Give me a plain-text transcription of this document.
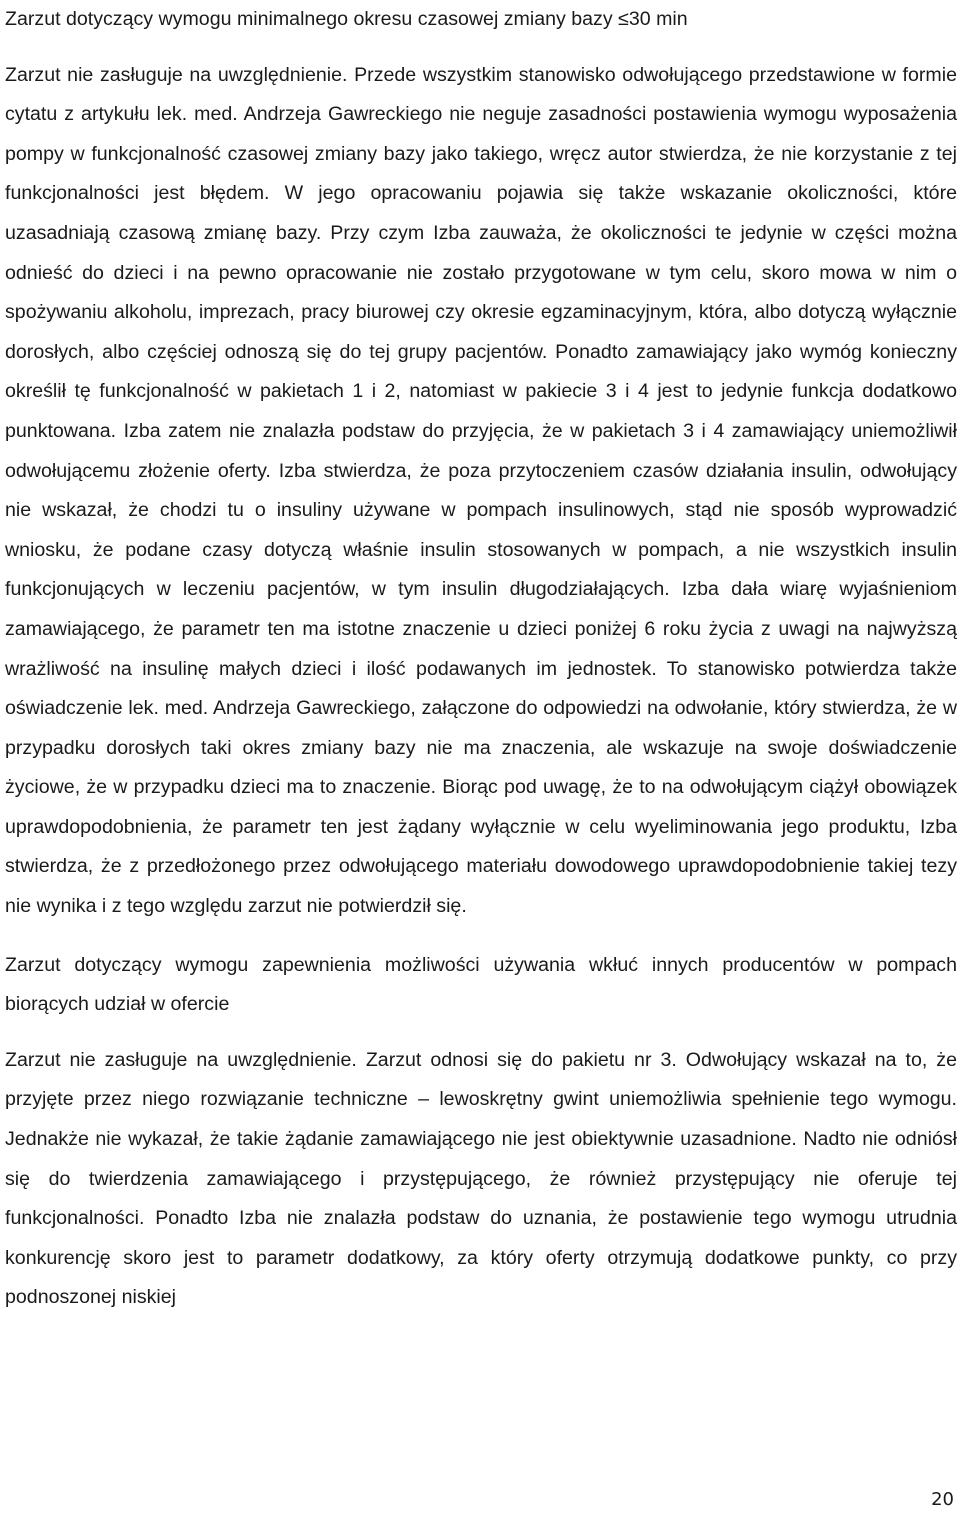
Zarzut dotyczący wymogu minimalnego okresu czasowej zmiany bazy ≤30 min

Zarzut nie zasługuje na uwzględnienie. Przede wszystkim stanowisko odwołującego przedstawione w formie cytatu z artykułu lek. med. Andrzeja Gawreckiego nie neguje zasadności postawienia wymogu wyposażenia pompy w funkcjonalność czasowej zmiany bazy jako takiego, wręcz autor stwierdza, że nie korzystanie z tej funkcjonalności jest błędem. W jego opracowaniu pojawia się także wskazanie okoliczności, które uzasadniają czasową zmianę bazy. Przy czym Izba zauważa, że okoliczności te jedynie w części można odnieść do dzieci i na pewno opracowanie nie zostało przygotowane w tym celu, skoro mowa w nim o spożywaniu alkoholu, imprezach, pracy biurowej czy okresie egzaminacyjnym, która, albo dotyczą wyłącznie dorosłych, albo częściej odnoszą się do tej grupy pacjentów. Ponadto zamawiający jako wymóg konieczny określił tę funkcjonalność w pakietach 1 i 2, natomiast w pakiecie 3 i 4 jest to jedynie funkcja dodatkowo punktowana. Izba zatem nie znalazła podstaw do przyjęcia, że w pakietach 3 i 4 zamawiający uniemożliwił odwołującemu złożenie oferty. Izba stwierdza, że poza przytoczeniem czasów działania insulin, odwołujący nie wskazał, że chodzi tu o insuliny używane w pompach insulinowych, stąd nie sposób wyprowadzić wniosku, że podane czasy dotyczą właśnie insulin stosowanych w pompach, a nie wszystkich insulin funkcjonujących w leczeniu pacjentów, w tym insulin długodziałających. Izba dała wiarę wyjaśnieniom zamawiającego, że parametr ten ma istotne znaczenie u dzieci poniżej 6 roku życia z uwagi na najwyższą wrażliwość na insulinę małych dzieci i ilość podawanych im jednostek. To stanowisko potwierdza także oświadczenie lek. med. Andrzeja Gawreckiego, załączone do odpowiedzi na odwołanie, który stwierdza, że w przypadku dorosłych taki okres zmiany bazy nie ma znaczenia, ale wskazuje na swoje doświadczenie życiowe, że w przypadku dzieci ma to znaczenie. Biorąc pod uwagę, że to na odwołującym ciążył obowiązek uprawdopodobnienia, że parametr ten jest żądany wyłącznie w celu wyeliminowania jego produktu, Izba stwierdza, że z przedłożonego przez odwołującego materiału dowodowego uprawdopodobnienie takiej tezy nie wynika i z tego względu zarzut nie potwierdził się.

Zarzut dotyczący wymogu zapewnienia możliwości używania wkłuć innych producentów w pompach biorących udział w ofercie

Zarzut nie zasługuje na uwzględnienie. Zarzut odnosi się do pakietu nr 3. Odwołujący wskazał na to, że przyjęte przez niego rozwiązanie techniczne – lewoskrętny gwint uniemożliwia spełnienie tego wymogu. Jednakże nie wykazał, że takie żądanie zamawiającego nie jest obiektywnie uzasadnione. Nadto nie odniósł się do twierdzenia zamawiającego i przystępującego, że również przystępujący nie oferuje tej funkcjonalności. Ponadto Izba nie znalazła podstaw do uznania, że postawienie tego wymogu utrudnia konkurencję skoro jest to parametr dodatkowy, za który oferty otrzymują dodatkowe punkty, co przy podnoszonej niskiej

20
